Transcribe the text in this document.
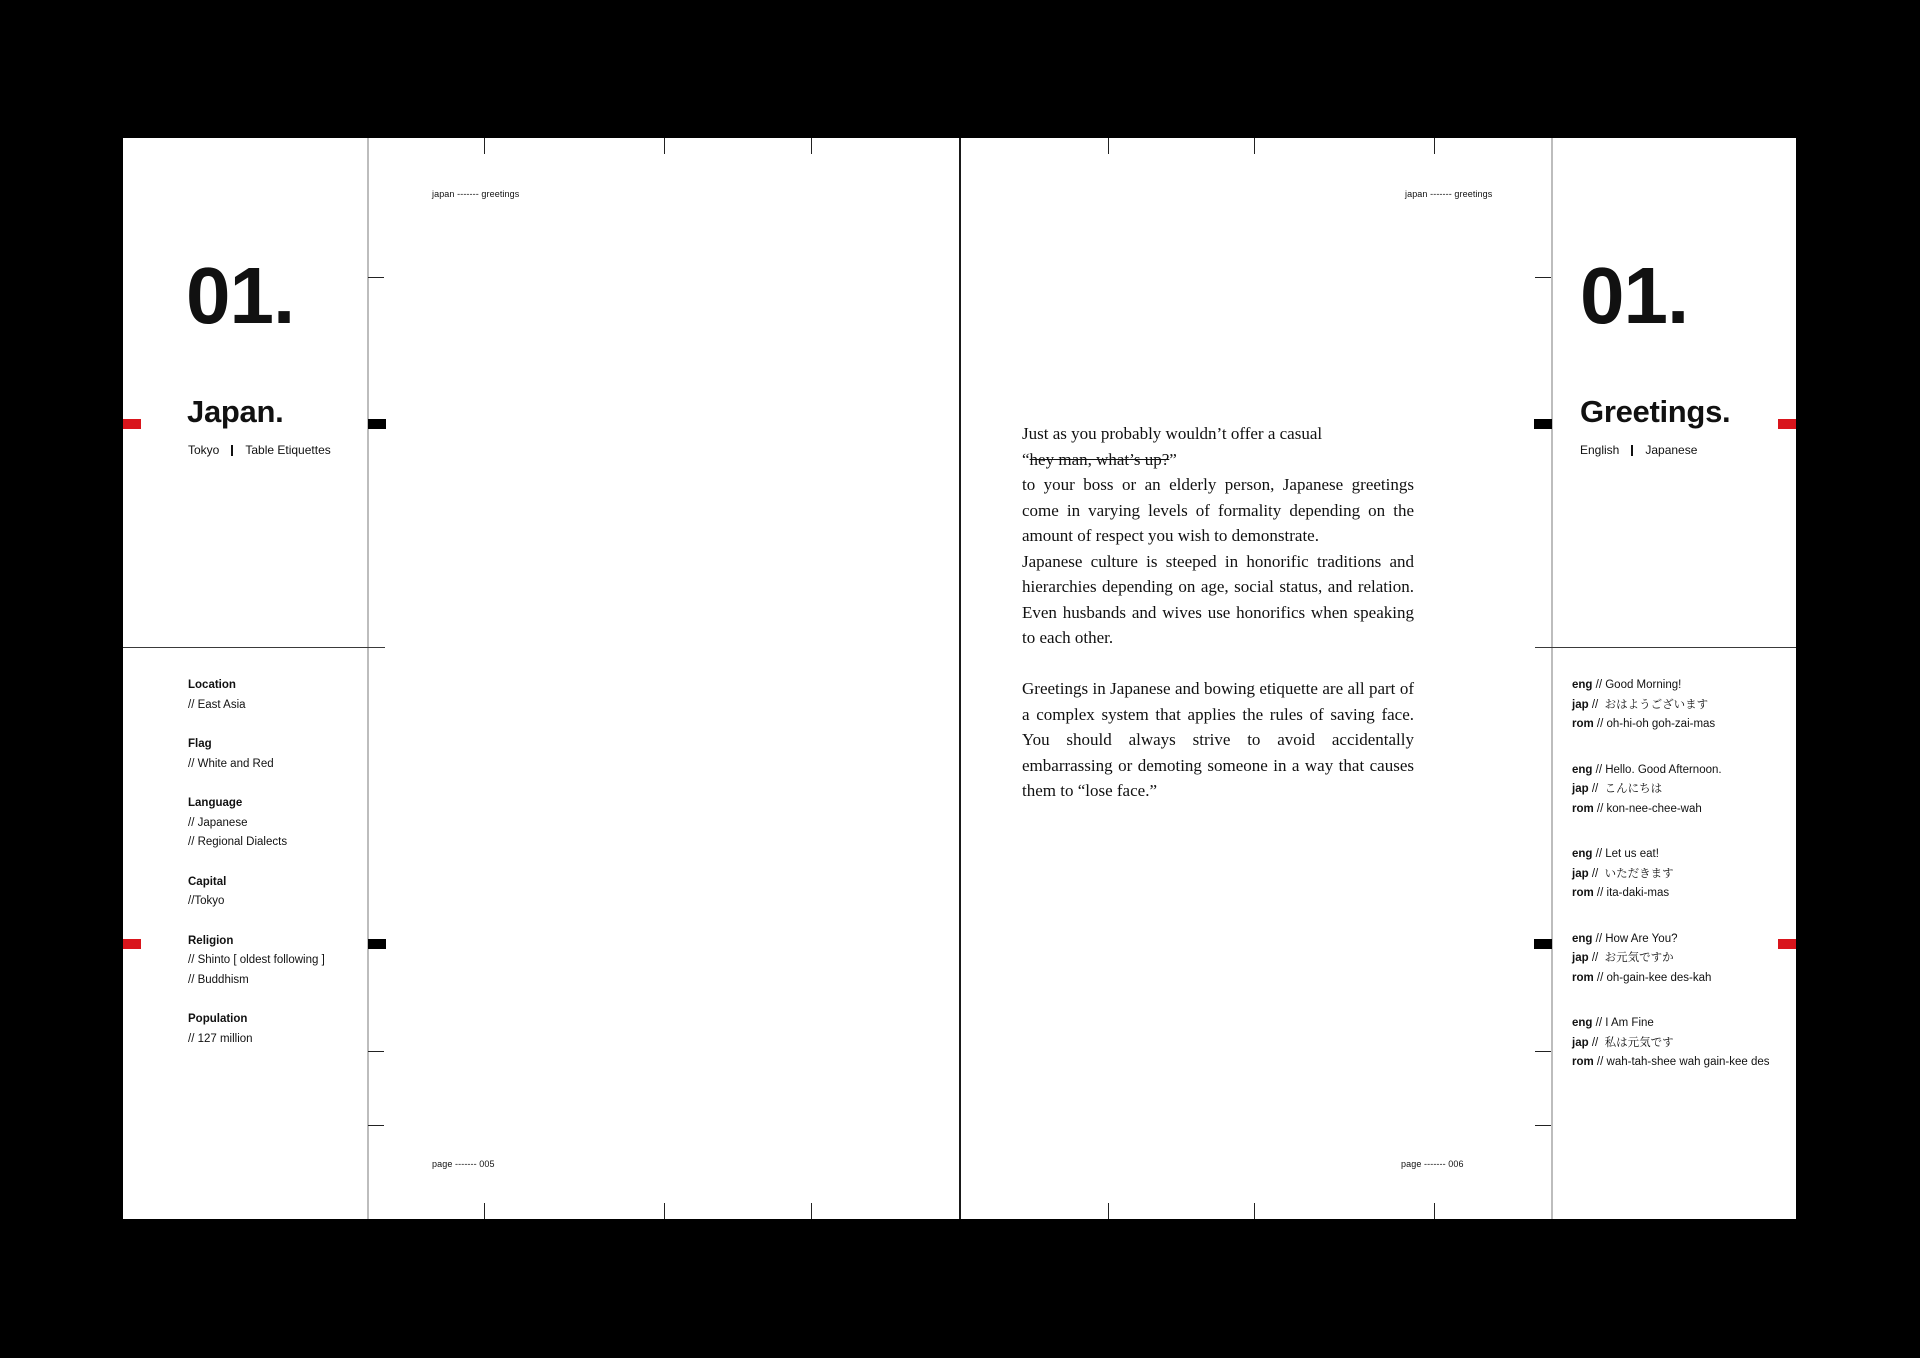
japan ------- greetings	japan ------- greetings
page ------- 005	page ------- 006
01.
Japan.
Tokyo Table Etiquettes
Location
// East Asia
Flag
// White and Red
Language
// Japanese
// Regional Dialects
Capital
//Tokyo
Religion
// Shinto [ oldest following ]
// Buddhism
Population
// 127 million

Just as you probably wouldn’t offer a casual

“hey man, what’s up?”

to your boss or an elderly person, Japanese greetings come in varying levels of formality depending on the amount of respect you wish to demonstrate.

Japanese culture is steeped in honorific traditions and hierarchies depending on age, social status, and relation. Even husbands and wives use honorifics when speaking to each other.

Greetings in Japanese and bowing etiquette are all part of a complex system that applies the rules of saving face. You should always strive to avoid accidentally embarrassing or demoting someone in a way that causes them to “lose face.”

01.
Greetings.
English Japanese
eng // Good Morning!
jap //  おはようございます
rom // oh-hi-oh goh-zai-mas
eng // Hello. Good Afternoon.
jap //  こんにちは
rom // kon-nee-chee-wah
eng // Let us eat!
jap //  いただきます
rom // ita-daki-mas
eng // How Are You?
jap //  お元気ですか
rom // oh-gain-kee des-kah
eng // I Am Fine
jap //  私は元気です
rom // wah-tah-shee wah gain-kee des
